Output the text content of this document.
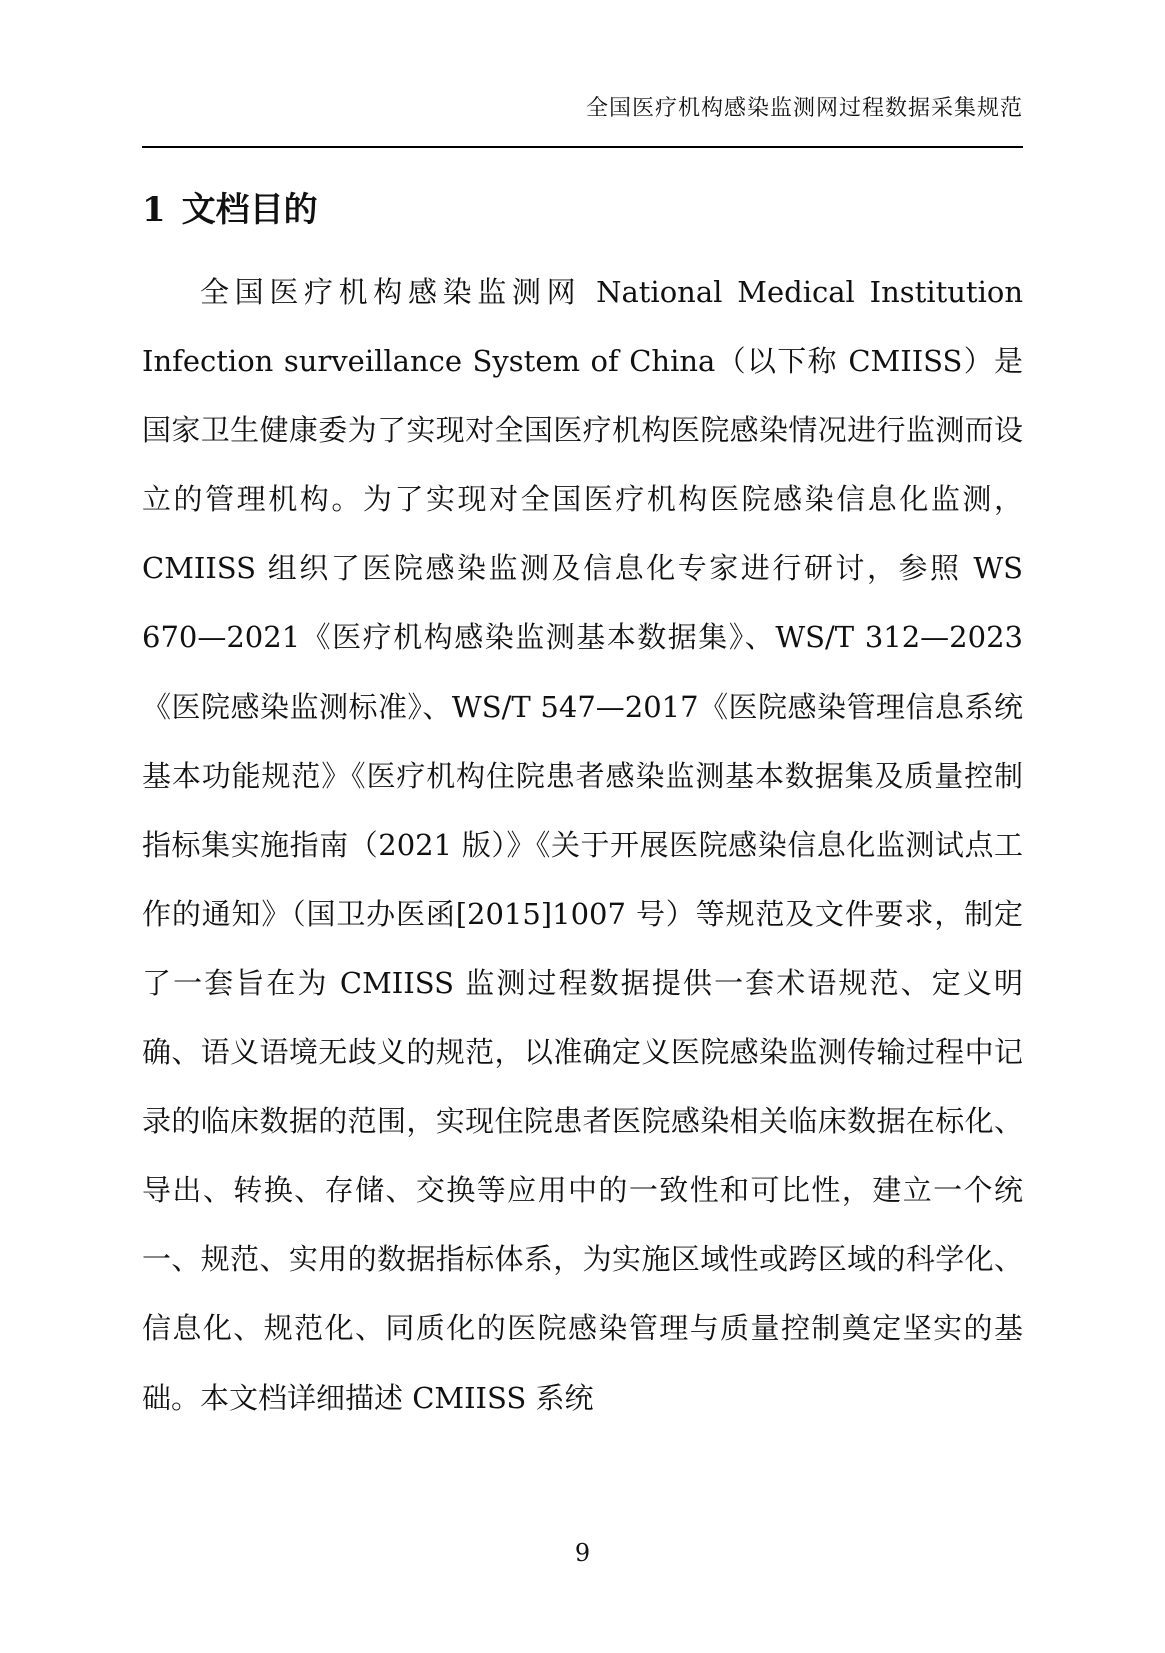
全国医疗机构感染监测网过程数据采集规范
1 文档目的

全国医疗机构感染监测网 National Medical Institution Infection surveillance System of China（以下称 CMIISS）是国家卫生健康委为了实现对全国医疗机构医院感染情况进行监测而设立的管理机构。为了实现对全国医疗机构医院感染信息化监测，CMIISS 组织了医院感染监测及信息化专家进行研讨，参照 WS 670—2021《医疗机构感染监测基本数据集》、WS/T 312—2023《医院感染监测标准》、WS/T 547—2017《医院感染管理信息系统基本功能规范》《医疗机构住院患者感染监测基本数据集及质量控制指标集实施指南（2021 版）》《关于开展医院感染信息化监测试点工作的通知》（国卫办医函[2015]1007 号）等规范及文件要求，制定了一套旨在为 CMIISS 监测过程数据提供一套术语规范、定义明确、语义语境无歧义的规范，以准确定义医院感染监测传输过程中记录的临床数据的范围，实现住院患者医院感染相关临床数据在标化、导出、转换、存储、交换等应用中的一致性和可比性，建立一个统一、规范、实用的数据指标体系，为实施区域性或跨区域的科学化、信息化、规范化、同质化的医院感染管理与质量控制奠定坚实的基础。本文档详细描述 CMIISS 系统

9
